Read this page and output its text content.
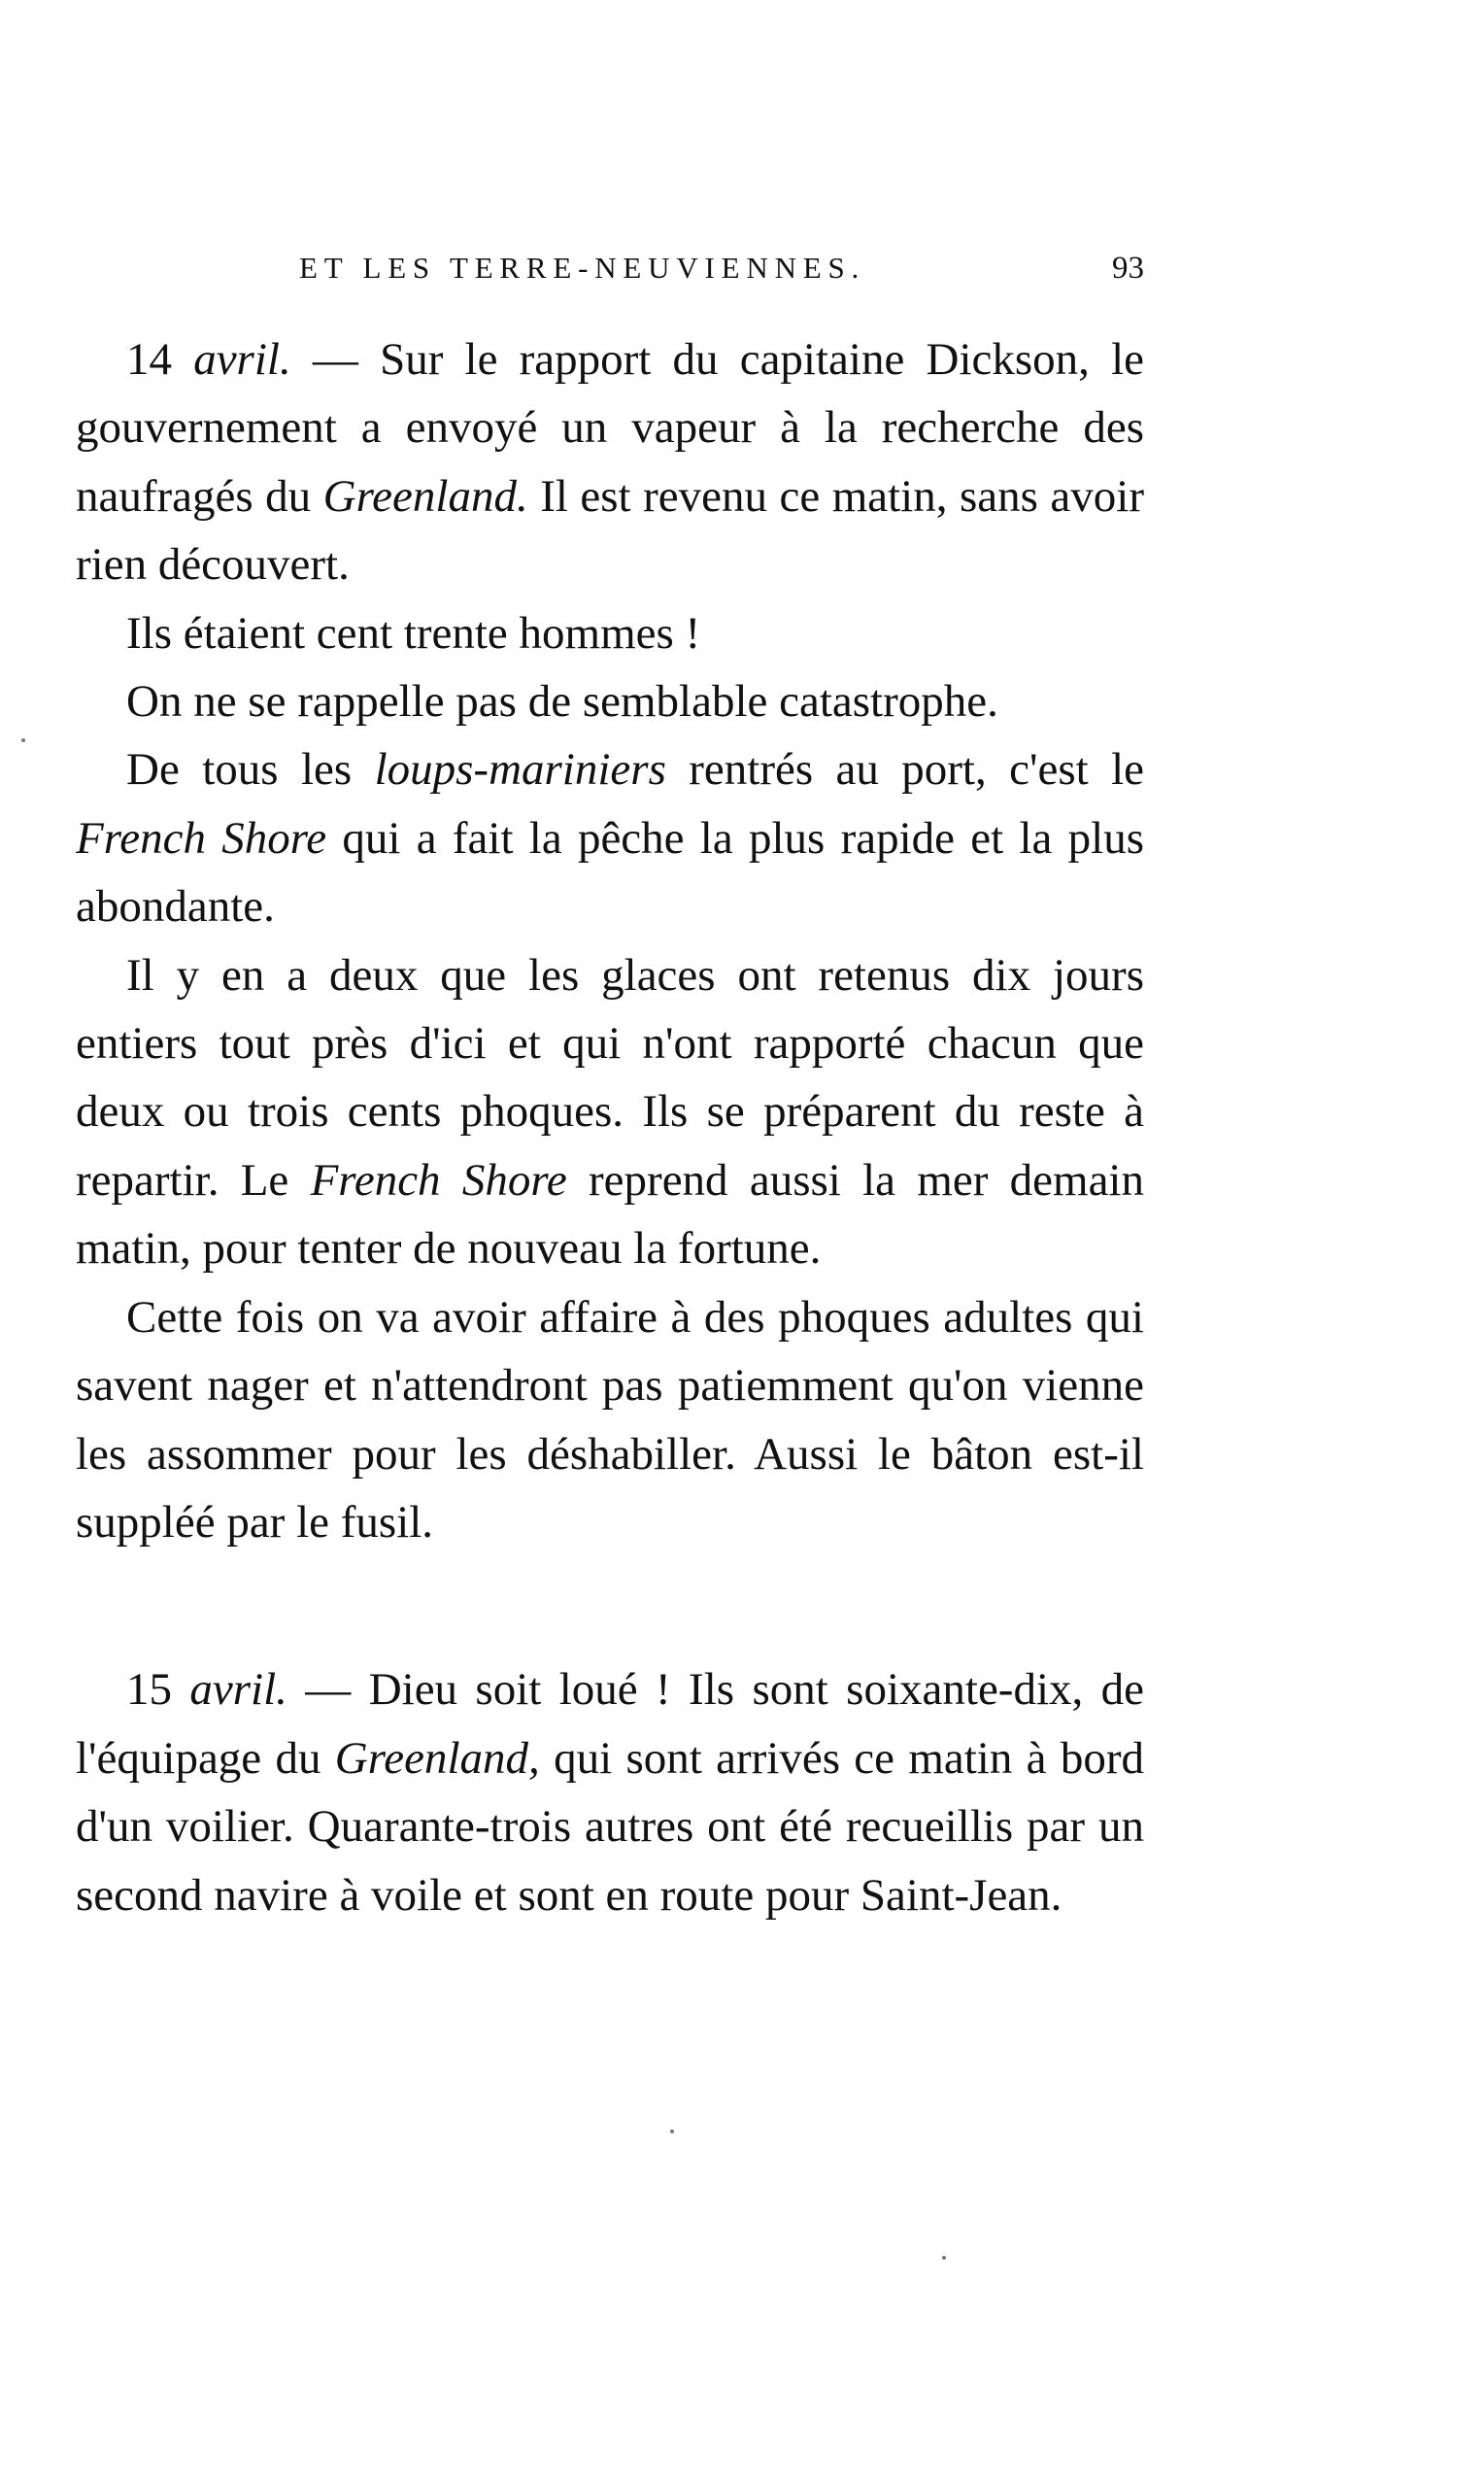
ET LES TERRE-NEUVIENNES.	93

14 avril. — Sur le rapport du capitaine Dickson, le gouvernement a envoyé un vapeur à la recherche des naufragés du Greenland. Il est revenu ce matin, sans avoir rien découvert.

Ils étaient cent trente hommes !

On ne se rappelle pas de semblable catastrophe.

De tous les loups-mariniers rentrés au port, c'est le French Shore qui a fait la pêche la plus rapide et la plus abondante.

Il y en a deux que les glaces ont retenus dix jours entiers tout près d'ici et qui n'ont rapporté chacun que deux ou trois cents phoques. Ils se préparent du reste à repartir. Le French Shore reprend aussi la mer demain matin, pour tenter de nouveau la fortune.

Cette fois on va avoir affaire à des phoques adultes qui savent nager et n'attendront pas patiemment qu'on vienne les assommer pour les déshabiller. Aussi le bâton est-il suppléé par le fusil.

15 avril. — Dieu soit loué ! Ils sont soixante-dix, de l'équipage du Greenland, qui sont arrivés ce matin à bord d'un voilier. Quarante-trois autres ont été recueillis par un second navire à voile et sont en route pour Saint-Jean.
